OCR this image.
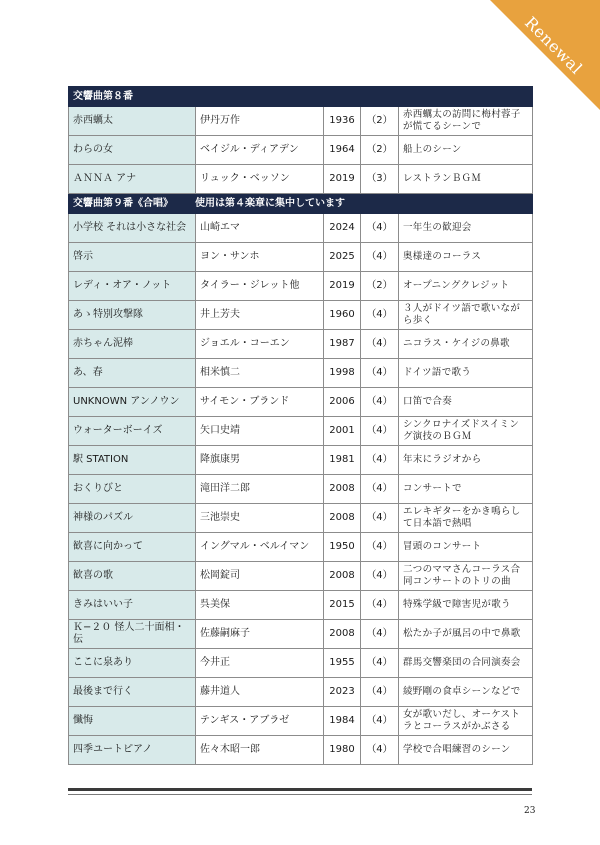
Renewal
交響曲第８番				
赤西蠣太	伊丹万作	1936	（2）	赤西蠣太の訪問に梅村蓉子が慌てるシーンで
わらの女	ベイジル・ディアデン	1964	（2）	船上のシーン
ＡＮＮＡ アナ	リュック・ベッソン	2019	（3）	レストランＢＧＭ
交響曲第９番《合唱》 使用は第４楽章に集中しています				
小学校 それは小さな社会	山崎エマ	2024	（4）	一年生の歓迎会
啓示	ヨン・サンホ	2025	（4）	奥様達のコーラス
レディ・オア・ノット	タイラー・ジレット他	2019	（2）	オープニングクレジット
あゝ特別攻撃隊	井上芳夫	1960	（4）	３人がドイツ語で歌いながら歩く
赤ちゃん泥棒	ジョエル・コーエン	1987	（4）	ニコラス・ケイジの鼻歌
あ、春	相米慎二	1998	（4）	ドイツ語で歌う
UNKNOWN アンノウン	サイモン・ブランド	2006	（4）	口笛で合奏
ウォーターボーイズ	矢口史靖	2001	（4）	シンクロナイズドスイミング演技のＢＧＭ
駅 STATION	降旗康男	1981	（4）	年末にラジオから
おくりびと	滝田洋二郎	2008	（4）	コンサートで
神様のパズル	三池崇史	2008	（4）	エレキギターをかき鳴らして日本語で熱唱
歓喜に向かって	イングマル・ベルイマン	1950	（4）	冒頭のコンサート
歓喜の歌	松岡錠司	2008	（4）	二つのママさんコーラス合同コンサートのトリの曲
きみはいい子	呉美保	2015	（4）	特殊学級で障害児が歌う
Ｋ−２０ 怪人二十面相・伝	佐藤嗣麻子	2008	（4）	松たか子が風呂の中で鼻歌
ここに泉あり	今井正	1955	（4）	群馬交響楽団の合同演奏会
最後まで行く	藤井道人	2023	（4）	綾野剛の食卓シーンなどで
懺悔	テンギス・アブラゼ	1984	（4）	女が歌いだし、オーケストラとコーラスがかぶさる
四季ユートピアノ	佐々木昭一郎	1980	（4）	学校で合唱練習のシーン
23
